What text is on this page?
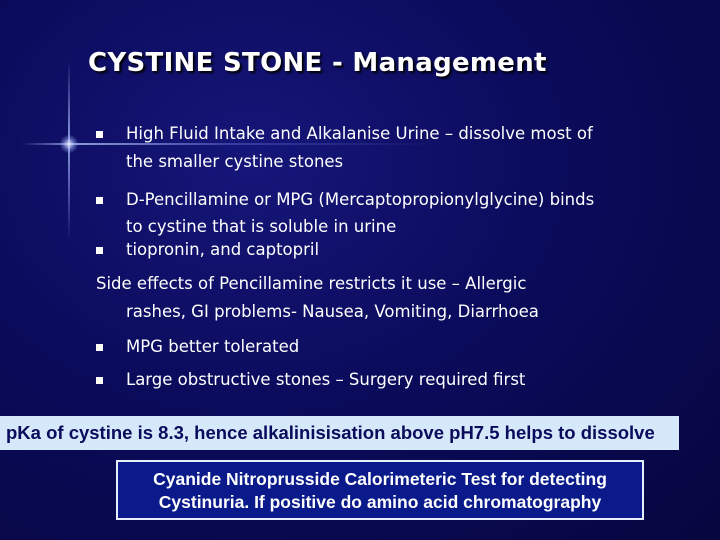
CYSTINE STONE - Management
High Fluid Intake and Alkalanise Urine – dissolve most of
the smaller cystine stones
D-Pencillamine or MPG (Mercaptopropionylglycine) binds
to cystine that is soluble in urine
tiopronin, and captopril
Side effects of Pencillamine restricts it use – Allergic
rashes, GI problems- Nausea, Vomiting, Diarrhoea
MPG better tolerated
Large obstructive stones – Surgery required first
pKa of cystine is 8.3, hence alkalinisisation above pH7.5 helps to dissolve
Cyanide Nitroprusside Calorimeteric Test for detecting
Cystinuria. If positive do amino acid chromatography
